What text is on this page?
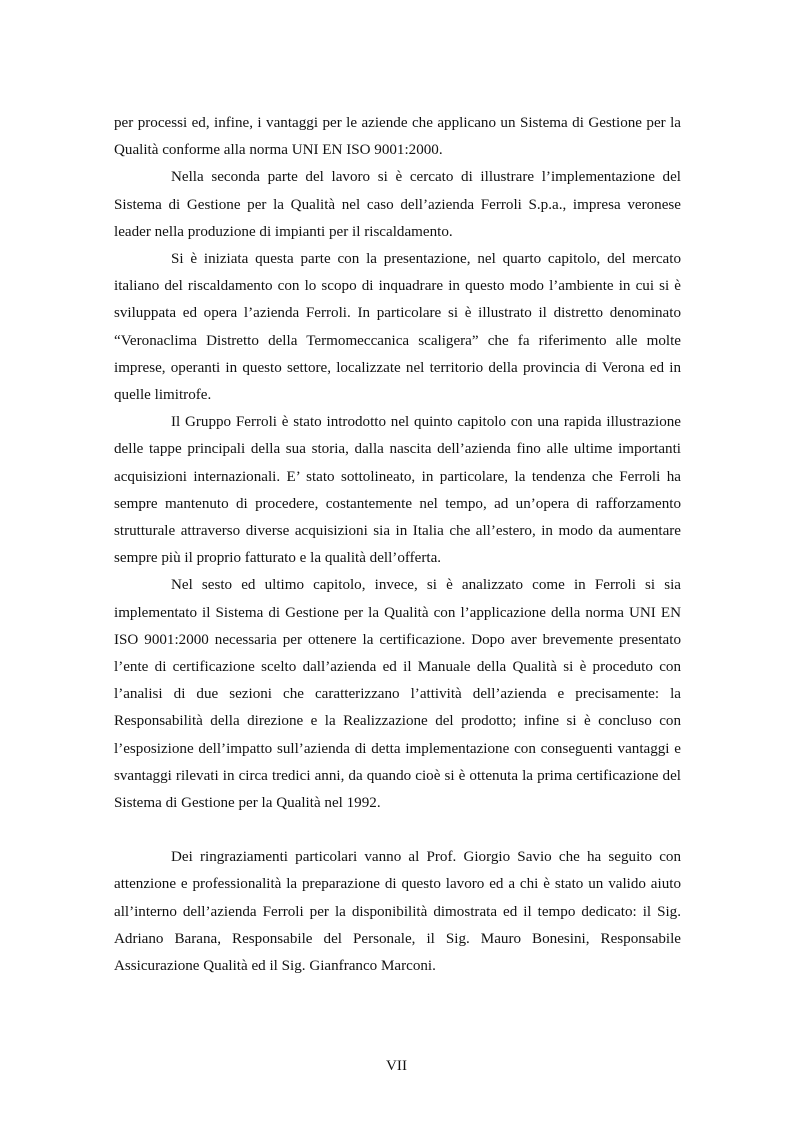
per processi ed, infine, i vantaggi per le aziende che applicano un Sistema di Gestione per la Qualità conforme alla norma UNI EN ISO 9001:2000.

Nella seconda parte del lavoro si è cercato di illustrare l’implementazione del Sistema di Gestione per la Qualità nel caso dell’azienda Ferroli S.p.a., impresa veronese leader nella produzione di impianti per il riscaldamento.

Si è iniziata questa parte con la presentazione, nel quarto capitolo, del mercato italiano del riscaldamento con lo scopo di inquadrare in questo modo l’ambiente in cui si è sviluppata ed opera l’azienda Ferroli. In particolare si è illustrato il distretto denominato “Veronaclima Distretto della Termomeccanica scaligera” che fa riferimento alle molte imprese, operanti in questo settore, localizzate nel territorio della provincia di Verona ed in quelle limitrofe.

Il Gruppo Ferroli è stato introdotto nel quinto capitolo con una rapida illustrazione delle tappe principali della sua storia, dalla nascita dell’azienda fino alle ultime importanti acquisizioni internazionali. E’ stato sottolineato, in particolare, la tendenza che Ferroli ha sempre mantenuto di procedere, costantemente nel tempo, ad un’opera di rafforzamento strutturale attraverso diverse acquisizioni sia in Italia che all’estero, in modo da aumentare sempre più il proprio fatturato e la qualità dell’offerta.

Nel sesto ed ultimo capitolo, invece, si è analizzato come in Ferroli si sia implementato il Sistema di Gestione per la Qualità con l’applicazione della norma UNI EN ISO 9001:2000 necessaria per ottenere la certificazione. Dopo aver brevemente presentato l’ente di certificazione scelto dall’azienda ed il Manuale della Qualità si è proceduto con l’analisi di due sezioni che caratterizzano l’attività dell’azienda e precisamente: la Responsabilità della direzione e la Realizzazione del prodotto; infine si è concluso con l’esposizione dell’impatto sull’azienda di detta implementazione con conseguenti vantaggi e svantaggi rilevati in circa tredici anni, da quando cioè si è ottenuta la prima certificazione del Sistema di Gestione per la Qualità nel 1992.

Dei ringraziamenti particolari vanno al Prof. Giorgio Savio che ha seguito con attenzione e professionalità la preparazione di questo lavoro ed a chi è stato un valido aiuto all’interno dell’azienda Ferroli per la disponibilità dimostrata ed il tempo dedicato: il Sig. Adriano Barana, Responsabile del Personale, il Sig. Mauro Bonesini, Responsabile Assicurazione Qualità ed il Sig. Gianfranco Marconi.

VII
